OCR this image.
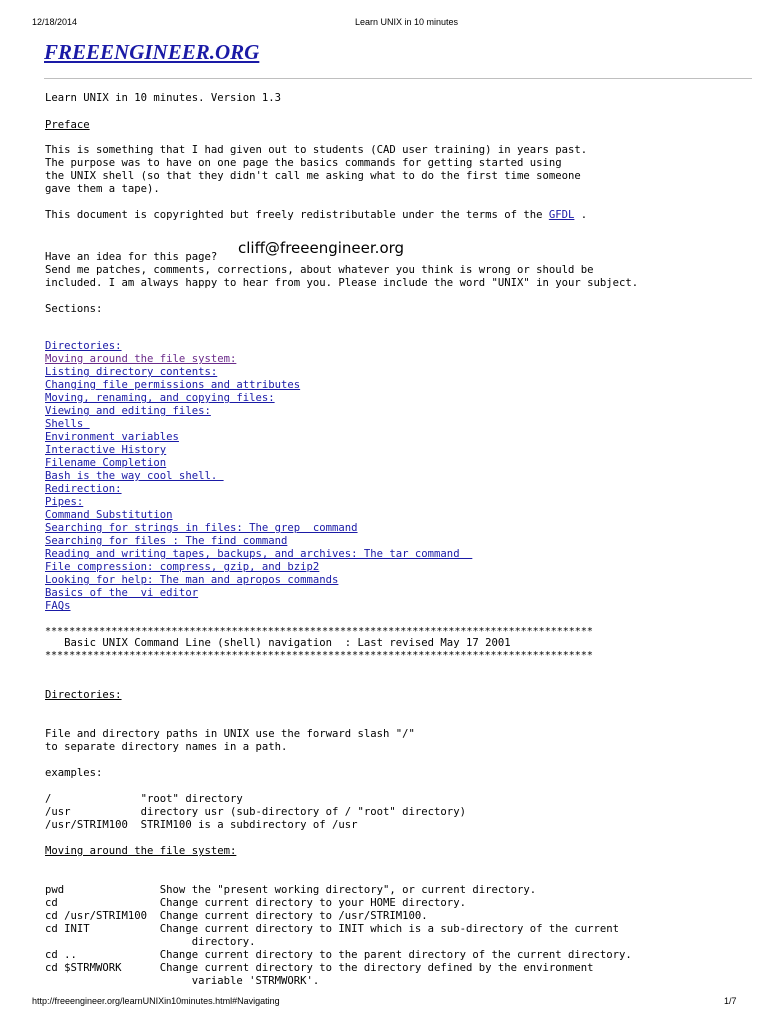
12/18/2014	Learn UNIX in 10 minutes
FREEENGINEER.ORG
Learn UNIX in 10 minutes. Version 1.3
Preface
This is something that I had given out to students (CAD user training) in years past.
The purpose was to have on one page the basics commands for getting started using
the UNIX shell (so that they didn't call me asking what to do the first time someone
gave them a tape).
This document is copyrighted but freely redistributable under the terms of the GFDL .
Have an idea for this page? cliff@freeengineer.org
Send me patches, comments, corrections, about whatever you think is wrong or should be
included. I am always happy to hear from you. Please include the word "UNIX" in your subject.
Sections:
Directories:
Moving around the file system:
Listing directory contents:
Changing file permissions and attributes
Moving, renaming, and copying files:
Viewing and editing files:
Shells
Environment variables
Interactive History
Filename Completion
Bash is the way cool shell.
Redirection:
Pipes:
Command Substitution
Searching for strings in files: The grep  command
Searching for files : The find command
Reading and writing tapes, backups, and archives: The tar command
File compression: compress, gzip, and bzip2
Looking for help: The man and apropos commands
Basics of the  vi editor
FAQs
*******************************************************************************************
Basic UNIX Command Line (shell) navigation  : Last revised May 17 2001
*******************************************************************************************
Directories:
File and directory paths in UNIX use the forward slash "/"
to separate directory names in a path.
examples:
/              "root" directory
/usr           directory usr (sub-directory of / "root" directory)
/usr/STRIM100  STRIM100 is a subdirectory of /usr
Moving around the file system:
pwd               Show the "present working directory", or current directory.
cd                Change current directory to your HOME directory.
cd /usr/STRIM100  Change current directory to /usr/STRIM100.
cd INIT           Change current directory to INIT which is a sub-directory of the current
directory.
cd ..             Change current directory to the parent directory of the current directory.
cd $STRMWORK      Change current directory to the directory defined by the environment
variable 'STRMWORK'.
http://freeengineer.org/learnUNIXin10minutes.html#Navigating	1/7
